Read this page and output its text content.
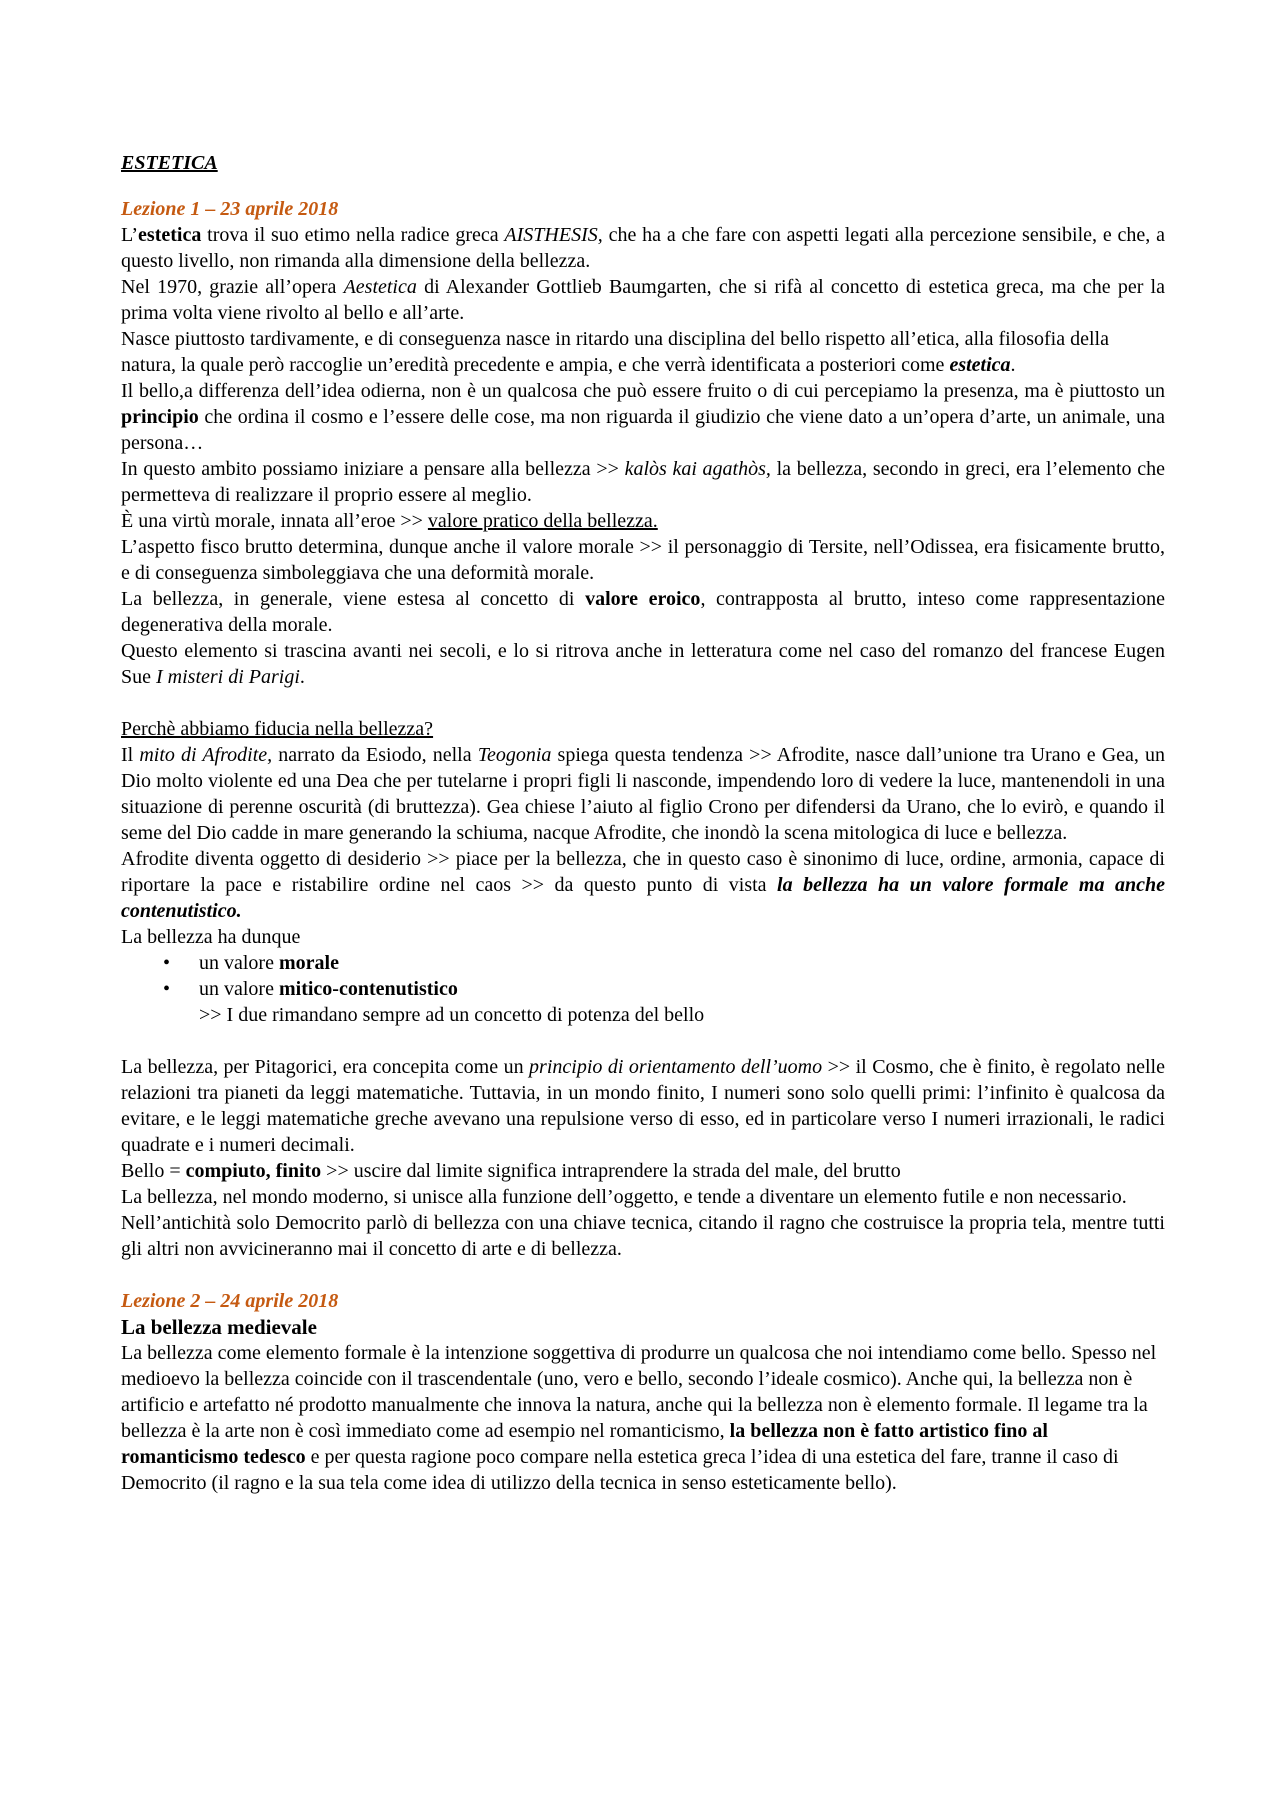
ESTETICA

Lezione 1 – 23 aprile 2018

L’estetica trova il suo etimo nella radice greca AISTHESIS, che ha a che fare con aspetti legati alla percezione sensibile, e che, a questo livello, non rimanda alla dimensione della bellezza.

Nel 1970, grazie all’opera Aestetica di Alexander Gottlieb Baumgarten, che si rifà al concetto di estetica greca, ma che per la prima volta viene rivolto al bello e all’arte.

Nasce piuttosto tardivamente, e di conseguenza nasce in ritardo una disciplina del bello rispetto all’etica, alla filosofia della natura, la quale però raccoglie un’eredità precedente e ampia, e che verrà identificata a posteriori come estetica.

Il bello,a differenza dell’idea odierna, non è un qualcosa che può essere fruito o di cui percepiamo la presenza, ma è piuttosto un principio che ordina il cosmo e l’essere delle cose, ma non riguarda il giudizio che viene dato a un’opera d’arte, un animale, una persona…

In questo ambito possiamo iniziare a pensare alla bellezza >> kalòs kai agathòs, la bellezza, secondo in greci, era l’elemento che permetteva di realizzare il proprio essere al meglio.

È una virtù morale, innata all’eroe >> valore pratico della bellezza.

L’aspetto fisco brutto determina, dunque anche il valore morale >> il personaggio di Tersite, nell’Odissea, era fisicamente brutto, e di conseguenza simboleggiava che una deformità morale.

La bellezza, in generale, viene estesa al concetto di valore eroico, contrapposta al brutto, inteso come rappresentazione degenerativa della morale.

Questo elemento si trascina avanti nei secoli, e lo si ritrova anche in letteratura come nel caso del romanzo del francese Eugen Sue I misteri di Parigi.

Perchè abbiamo fiducia nella bellezza?

Il mito di Afrodite, narrato da Esiodo, nella Teogonia spiega questa tendenza >> Afrodite, nasce dall’unione tra Urano e Gea, un Dio molto violente ed una Dea che per tutelarne i propri figli li nasconde, impendendo loro di vedere la luce, mantenendoli in una situazione di perenne oscurità (di bruttezza). Gea chiese l’aiuto al figlio Crono per difendersi da Urano, che lo evirò, e quando il seme del Dio cadde in mare generando la schiuma, nacque Afrodite, che inondò la scena mitologica di luce e bellezza.

Afrodite diventa oggetto di desiderio >> piace per la bellezza, che in questo caso è sinonimo di luce, ordine, armonia, capace di riportare la pace e ristabilire ordine nel caos >> da questo punto di vista la bellezza ha un valore formale ma anche contenutistico.

La bellezza ha dunque

• un valore morale
• un valore mitico-contenutistico

>> I due rimandano sempre ad un concetto di potenza del bello

La bellezza, per Pitagorici, era concepita come un principio di orientamento dell’uomo >> il Cosmo, che è finito, è regolato nelle relazioni tra pianeti da leggi matematiche. Tuttavia, in un mondo finito, I numeri sono solo quelli primi: l’infinito è qualcosa da evitare, e le leggi matematiche greche avevano una repulsione verso di esso, ed in particolare verso I numeri irrazionali, le radici quadrate e i numeri decimali.

Bello = compiuto, finito >> uscire dal limite significa intraprendere la strada del male, del brutto

La bellezza, nel mondo moderno, si unisce alla funzione dell’oggetto, e tende a diventare un elemento futile e non necessario.

Nell’antichità solo Democrito parlò di bellezza con una chiave tecnica, citando il ragno che costruisce la propria tela, mentre tutti gli altri non avvicineranno mai il concetto di arte e di bellezza.

Lezione 2 – 24 aprile 2018

La bellezza medievale

La bellezza come elemento formale è la intenzione soggettiva di produrre un qualcosa che noi intendiamo come bello. Spesso nel medioevo la bellezza coincide con il trascendentale (uno, vero e bello, secondo l’ideale cosmico). Anche qui, la bellezza non è artificio e artefatto né prodotto manualmente che innova la natura, anche qui la bellezza non è elemento formale. Il legame tra la bellezza è la arte non è così immediato come ad esempio nel romanticismo, la bellezza non è fatto artistico fino al romanticismo tedesco e per questa ragione poco compare nella estetica greca l’idea di una estetica del fare, tranne il caso di Democrito (il ragno e la sua tela come idea di utilizzo della tecnica in senso esteticamente bello).
